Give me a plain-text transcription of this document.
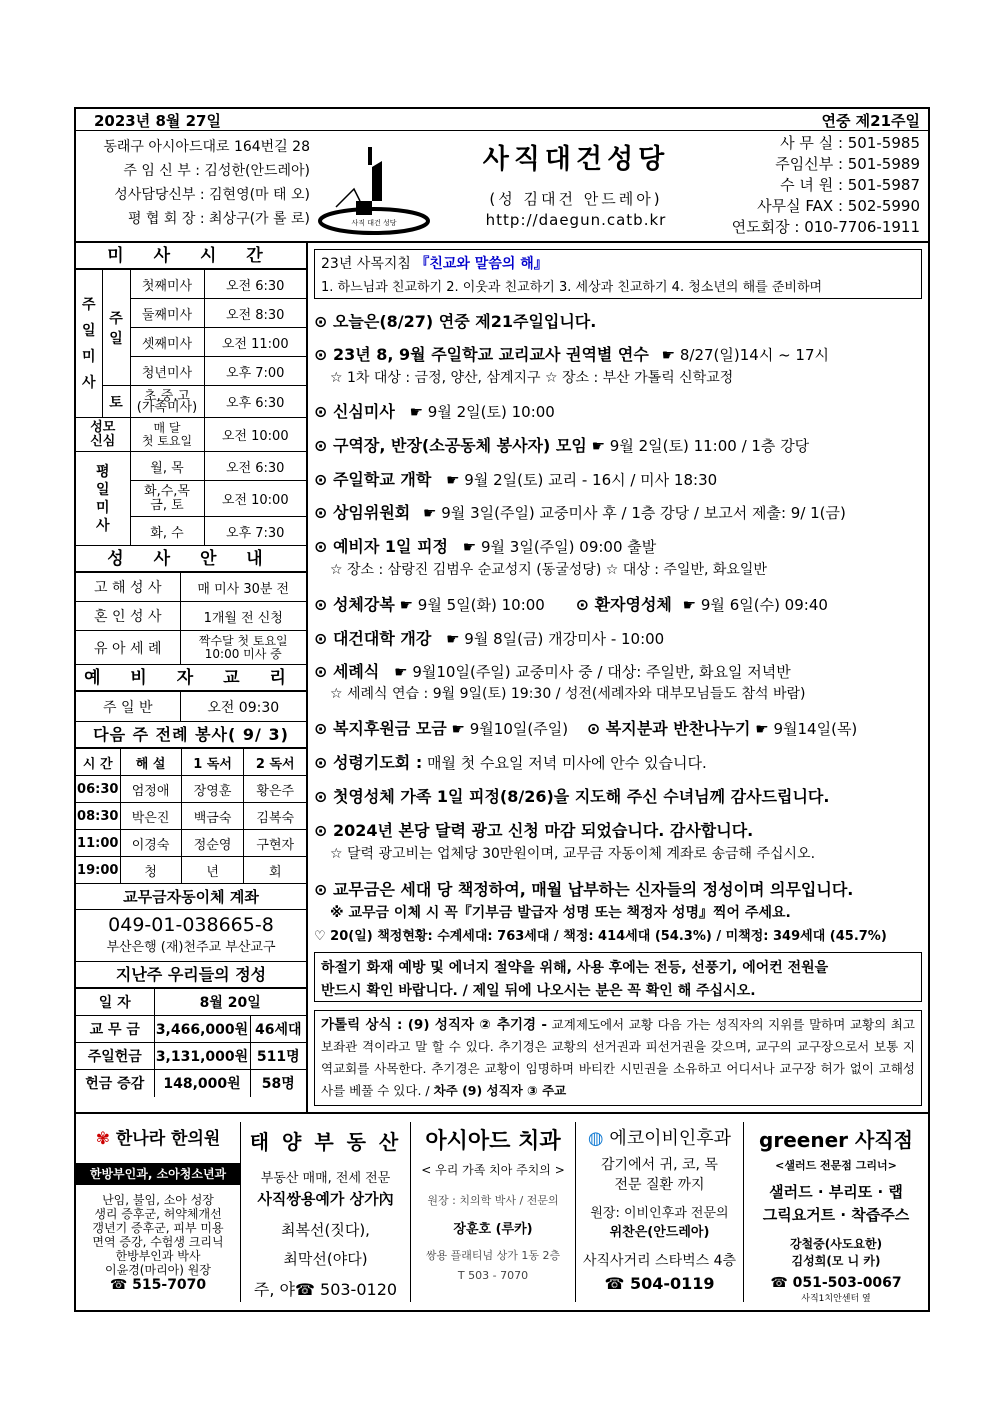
2023년 8월 27일	연중 제21주일
동래구 아시아드대로 164번길 28
주 임 신 부 : 김성한(안드레아)
성사담당신부 : 김현영(마 태 오)
평 협 회 장 : 최상구(가 롤 로)	사직 대건 성당
사직대건성당
(성 김대건 안드레아)
http://daegun.catb.kr
사 무 실 : 501-5985
주임신부 : 501-5989
수 녀 원 : 501-5987
사무실 FAX : 502-5990
연도회장 : 010-7706-1911
미 사 시 간
주
일
미
사	주일	첫째미사	오전 6:30
		둘째미사	오전 8:30
		셋째미사	오전 11:00
		청년미사	오후 7:00
	토	초,중,고
(가족미사)	오후 6:30
성모
신심		매 달
첫 토요일	오전 10:00
평
일
미
사		월, 목	오전 6:30
		화,수,목
금, 토	오전 10:00
		화, 수	오후 7:30
성 사 안 내
고 해 성 사	매 미사 30분 전
혼 인 성 사	1개월 전 신청
유 아 세 례	짝수달 첫 토요일
10:00 미사 중
예 비 자 교 리
주 일 반	오전 09:30
다음 주 전례 봉사( 9/ 3)
시 간	해 설	1 독서	2 독서
06:30	엄정애	장영훈	황은주
08:30	박은진	백금숙	김복숙
11:00	이경숙	정순영	구현자
19:00	청	년	회
교무금자동이체 계좌
049-01-038665-8
부산은행 (재)천주교 부산교구
지난주 우리들의 정성
일 자	8월 20일	
교 무 금	3,466,000원	46세대
주일헌금	3,131,000원	511명
헌금 증감	148,000원	58명
23년 사목지침 『친교와 말씀의 해』
1. 하느님과 친교하기 2. 이웃과 친교하기 3. 세상과 친교하기 4. 청소년의 해를 준비하며
⊙ 오늘은(8/27) 연중 제21주일입니다.
⊙ 23년 8, 9월 주일학교 교리교사 권역별 연수 ☛ 8/27(일)14시 ~ 17시
☆ 1차 대상 : 금정, 양산, 삼계지구 ☆ 장소 : 부산 가톨릭 신학교정
⊙ 신심미사 ☛ 9월 2일(토) 10:00
⊙ 구역장, 반장(소공동체 봉사자) 모임 ☛ 9월 2일(토) 11:00 / 1층 강당
⊙ 주일학교 개학 ☛ 9월 2일(토) 교리 - 16시 / 미사 18:30
⊙ 상임위원회 ☛ 9월 3일(주일) 교중미사 후 / 1층 강당 / 보고서 제출: 9/ 1(금)
⊙ 예비자 1일 피정 ☛ 9월 3일(주일) 09:00 출발
☆ 장소 : 삼랑진 김범우 순교성지 (동굴성당) ☆ 대상 : 주일반, 화요일반
⊙ 성체강복 ☛ 9월 5일(화) 10:00 ⊙ 환자영성체 ☛ 9월 6일(수) 09:40
⊙ 대건대학 개강 ☛ 9월 8일(금) 개강미사 - 10:00
⊙ 세례식 ☛ 9월10일(주일) 교중미사 중 / 대상: 주일반, 화요일 저녁반
☆ 세례식 연습 : 9월 9일(토) 19:30 / 성전(세례자와 대부모님들도 참석 바람)
⊙ 복지후원금 모금 ☛ 9월10일(주일) ⊙ 복지분과 반찬나누기 ☛ 9월14일(목)
⊙ 성령기도회 : 매월 첫 수요일 저녁 미사에 안수 있습니다.
⊙ 첫영성체 가족 1일 피정(8/26)을 지도해 주신 수녀님께 감사드립니다.
⊙ 2024년 본당 달력 광고 신청 마감 되었습니다. 감사합니다.
☆ 달력 광고비는 업체당 30만원이며, 교무금 자동이체 계좌로 송금해 주십시오.
⊙ 교무금은 세대 당 책정하여, 매월 납부하는 신자들의 정성이며 의무입니다.
※ 교무금 이체 시 꼭『기부금 발급자 성명 또는 책정자 성명』찍어 주세요.
♡ 20(일) 책정현황: 수계세대: 763세대 / 책정: 414세대 (54.3%) / 미책정: 349세대 (45.7%)
하절기 화재 예방 및 에너지 절약을 위해, 사용 후에는 전등, 선풍기, 에어컨 전원을
반드시 확인 바랍니다. / 제일 뒤에 나오시는 분은 꼭 확인 해 주십시오.
가톨릭 상식 : (9) 성직자 ② 추기경 - 교계제도에서 교황 다음 가는 성직자의 지위를 말하며 교황의 최고 보좌관 격이라고 말 할 수 있다. 추기경은 교황의 선거권과 피선거권을 갖으며, 교구의 교구장으로서 보통 지역교회를 사목한다. 추기경은 교황이 임명하며 바티칸 시민권을 소유하고 어디서나 교구장 허가 없이 고해성사를 베풀 수 있다. / 차주 (9) 성직자 ③ 주교
✾ 한나라 한의원
한방부인과, 소아청소년과
난임, 불임, 소아 성장
생리 증후군, 허약체개선
갱년기 증후군, 피부 미용
면역 증강, 수험생 크리닉
한방부인과 박사
이윤경(마리아) 원장
☎ 515-7070
태 양 부 동 산
부동산 매매, 전세 전문
사직쌍용예가 상가內
최복선(짓다),
최막선(야다)
주, 야☎ 503-0120
아시아드 치과
< 우리 가족 치아 주치의 >
원장 : 치의학 박사 / 전문의
장훈호 (루카)
쌍용 플래티넘 상가 1동 2층
T 503 - 7070
◍ 에코이비인후과
감기에서 귀, 코, 목
전문 질환 까지
원장: 이비인후과 전문의
위찬은(안드레아)
사직사거리 스타벅스 4층
☎ 504-0119
greener 사직점
<샐러드 전문점 그리너>
샐러드 · 부리또 · 랩
그릭요거트 · 착즙주스
강철중(사도요한)
김성희(모 니 카)
☎ 051-503-0067
사직1치안센터 옆
